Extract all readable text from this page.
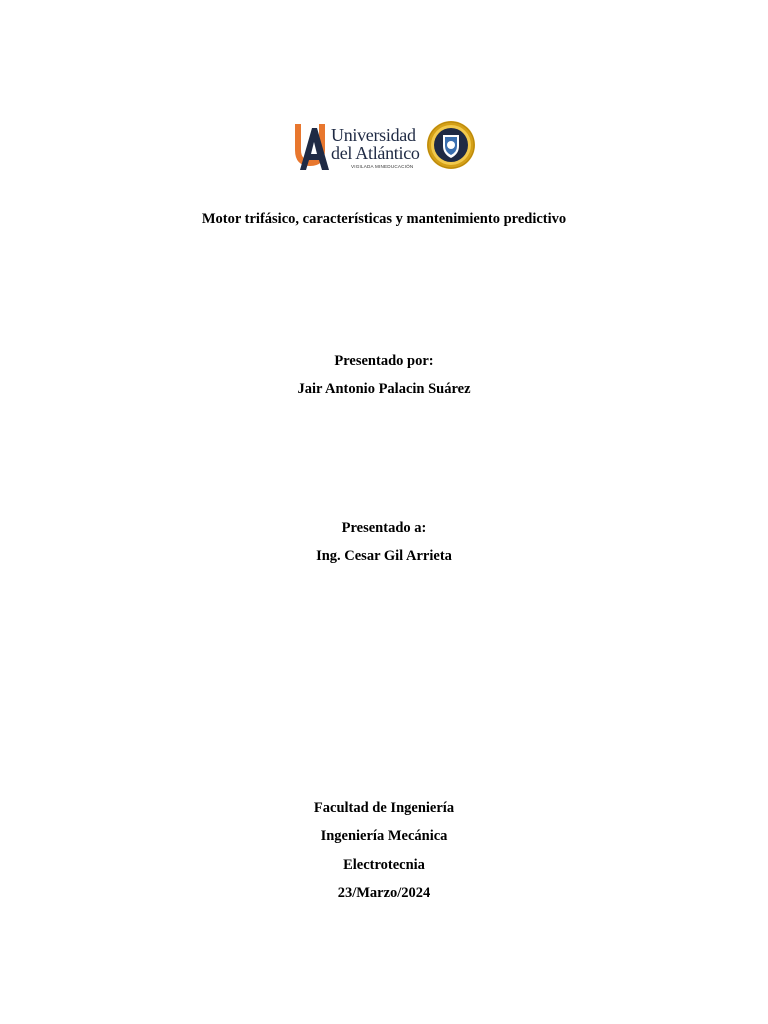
Universidad
del Atlántico
VIGILADA MINEDUCACIÓN
Motor trifásico, características y mantenimiento predictivo
Presentado por:
Jair Antonio Palacin Suárez
Presentado a:
Ing. Cesar Gil Arrieta
Facultad de Ingeniería
Ingeniería Mecánica
Electrotecnia
23/Marzo/2024
